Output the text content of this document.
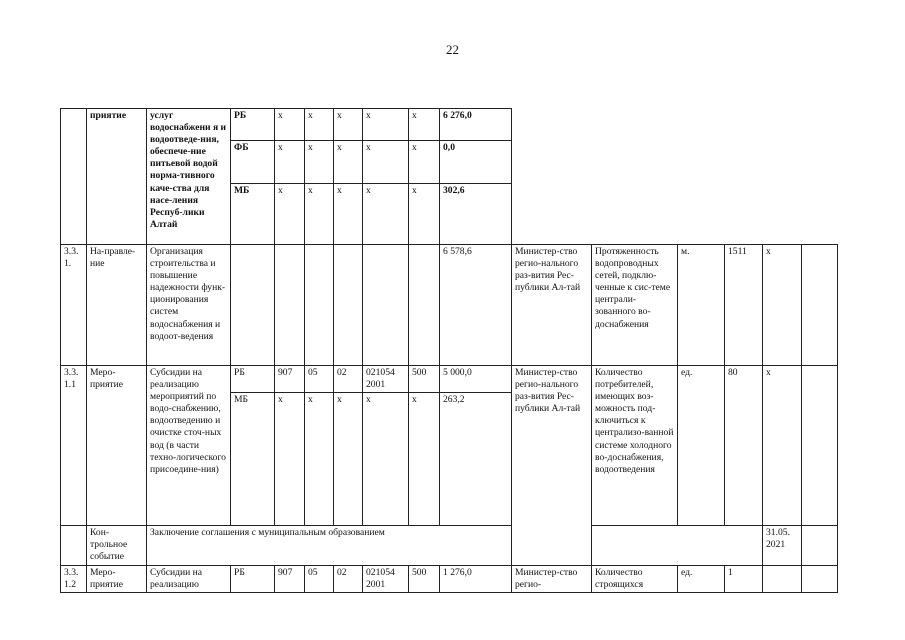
22
	приятие	услуг водоснабжени я и водоотведе-ния, обеспече-ние питьевой водой норма-тивного каче-ства для насе-ления Респуб-лики Алтай	РБ	x	x	x	x	x	6 276,0						
			ФБ	x	x	x	x	x	0,0						
			МБ	x	x	x	x	x	302,6						
3.3. 1.	На-правле-ние	Организация строительства и повышение надежности функ-ционирования систем водоснабжения и водоот-ведения							6 578,6	Министер-ство регио-нального раз-вития Рес-публики Ал-тай	Протяженность водопроводных сетей, подклю-ченные к сис-теме централи-зованного во-доснабжения	м.	1511	x	
3.3. 1.1	Меро-приятие	Субсидии на реализацию мероприятий по водо-снабжению, водоотведению и очистке сточ-ных вод (в части техно-логического присоедине-ния)	РБ	907	05	02	021054 2001	500	5 000,0	Министер-ство регио-нального раз-вития Рес-публики Ал-тай	Количество потребителей, имеющих воз-можность под-ключиться к централизо-ванной системе холодного во-доснабжения, водоотведения	ед.	80	x	
			МБ	x	x	x	x	x	263,2						
	Кон-трольное событие	Заключение соглашения с муниципальным образованием												31.05. 2021	
3.3. 1.2	Меро-приятие	Субсидии на реализацию	РБ	907	05	02	021054 2001	500	1 276,0	Министер-ство регио-	Количество строящихся	ед.	1		
